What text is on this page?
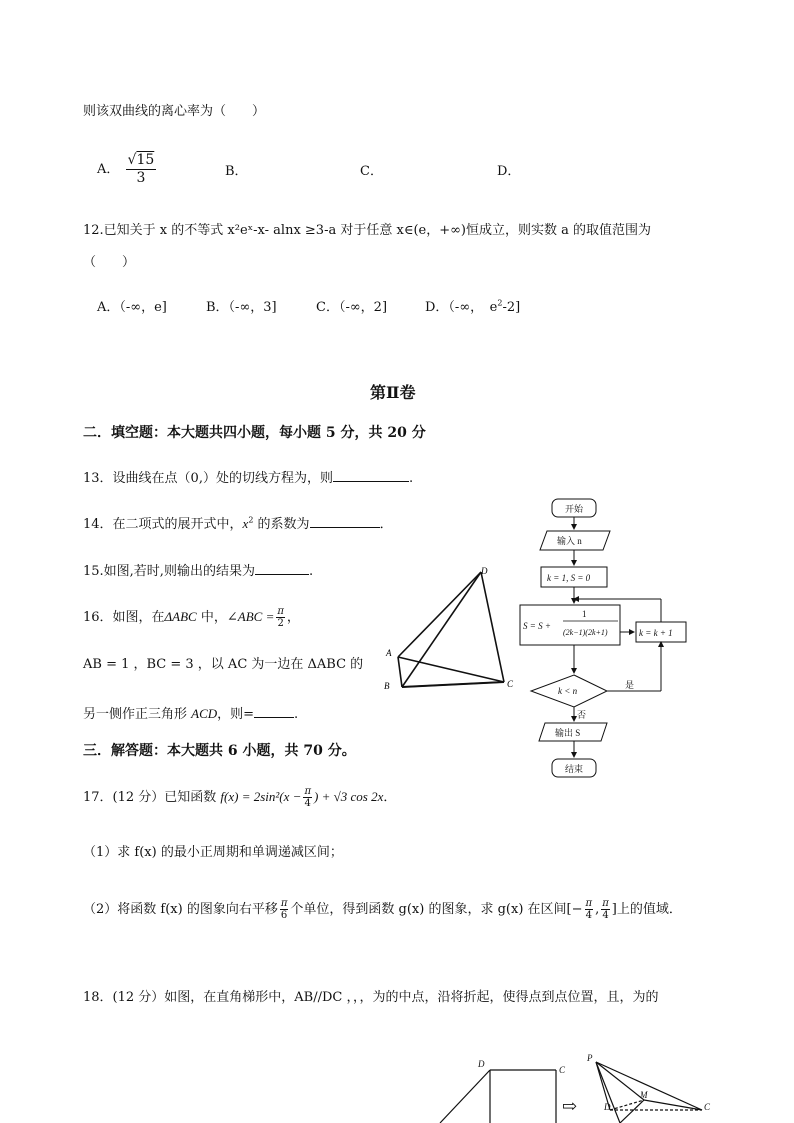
则该双曲线的离心率为（　　）
A． $\frac{√15}{3}$	B．	C．	D．
12.已知关于 x 的不等式 x²eˣ-x- alnx ≥3-a 对于任意 x∈(e，+∞)恒成立，则实数 a 的取值范围为
（　　）
A．（-∞，e]	B．（-∞，3]	C．（-∞，2]	D．（-∞，　$e^2-2$]
第Ⅱ卷
二．填空题：本大题共四小题，每小题 5 分，共 20 分
13．设曲线在点（0,）处的切线方程为，则	.
14．在二项式的展开式中，$x^2$ 的系数为	．
15.如图,若时,则输出的结果为	.
16．如图，在ΔABC 中，∠ABC = $\frac{\pi}{2}$ ，
AB = 1 ，BC = 3 ，以 AC 为一边在 ΔABC 的
另一侧作正三角形 ACD，则=	.
三．解答题：本大题共 6 小题，共 70 分。
17．(12 分）已知函数 $f(x) = 2\sin^2(x - \frac{\pi}{4}$ ) + √3 cos 2x．
（1）求 f(x) 的最小正周期和单调递减区间；
（2）将函数 f(x) 的图象向右平移 $\frac{\pi}{6}$ 个单位，得到函数 g(x) 的图象，求 g(x) 在区间[− $\frac{\pi}{4}$ , $\frac{\pi}{4}$ ]上的值域．
18．(12 分）如图，在直角梯形中，AB//DC ，，，为的中点，沿将折起，使得点到点位置，且，为的
A
B	C
D
开始
输入 n
k = 1, S = 0
S = S +
1
(2k−1)(2k+1)	k = k + 1
k < n
是
否
输出 S
结束
D
C
P
M
D	C
⇨
